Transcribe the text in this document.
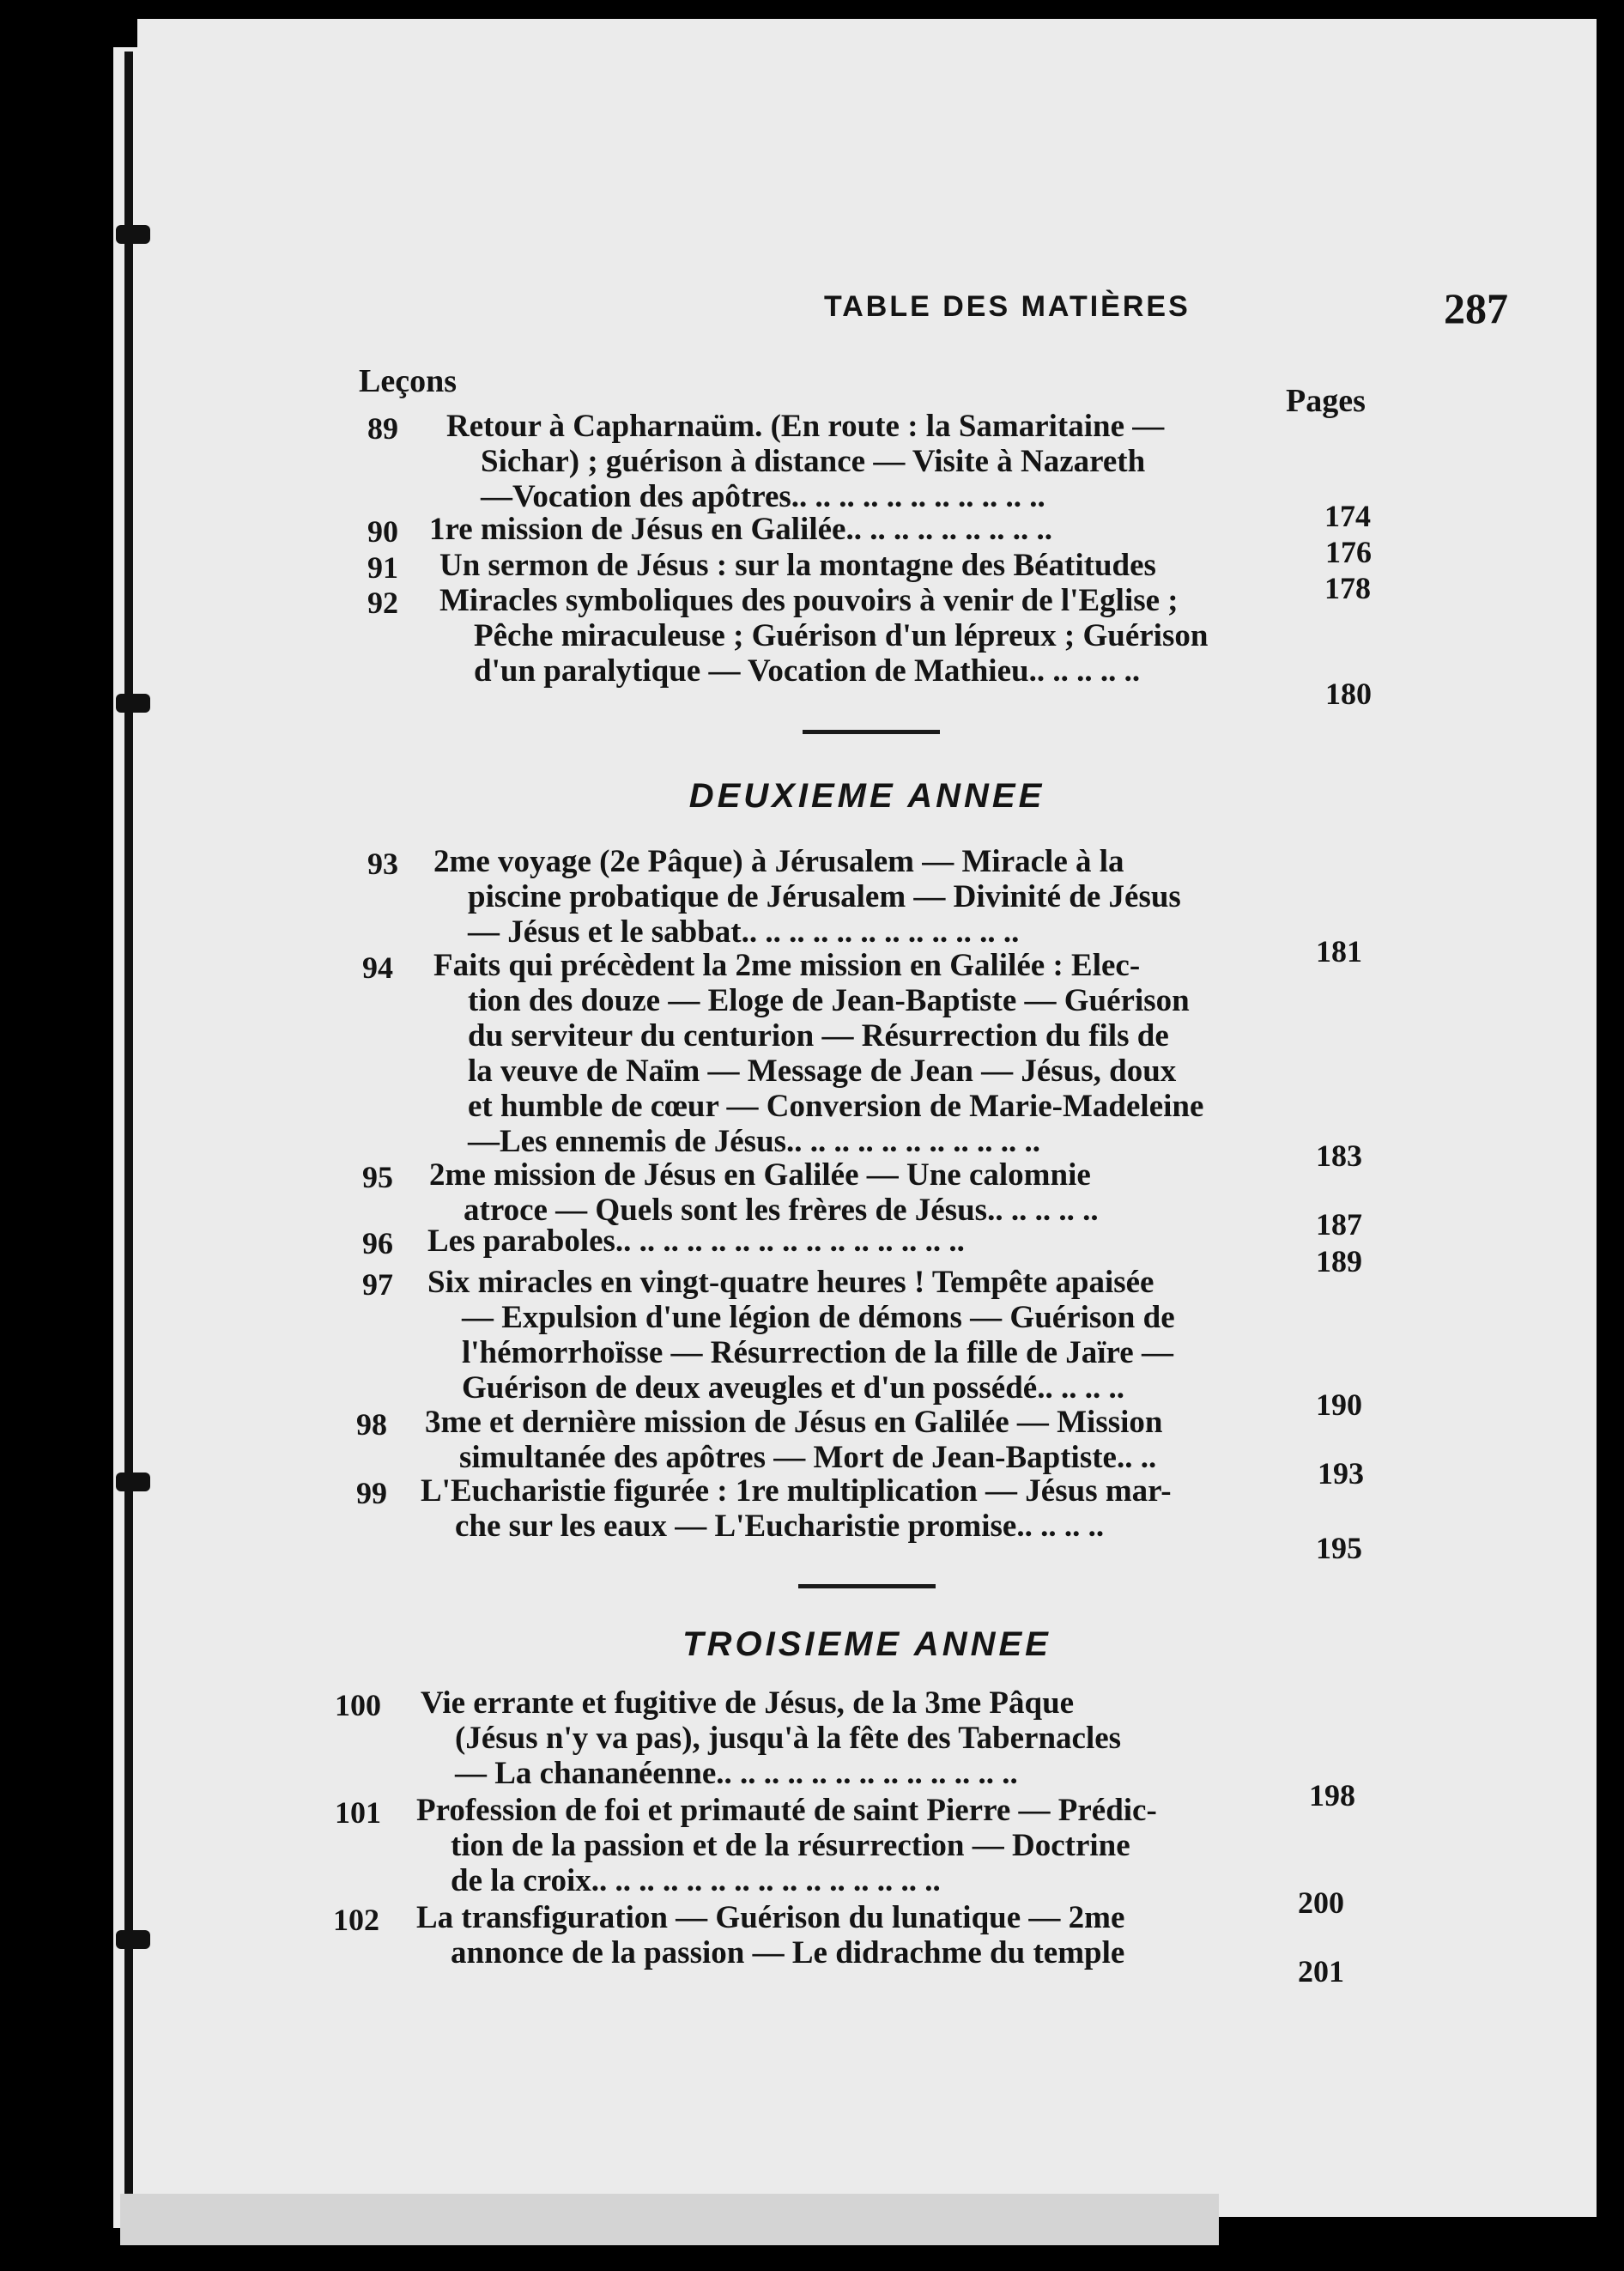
TABLE DES MATIÈRES	287
Leçons
Pages
89 Retour à Capharnaüm. (En route : la Samaritaine —
Sichar) ; guérison à distance — Visite à Nazareth
—Vocation des apôtres.. .. .. .. .. .. .. .. .. .. ..
174
90 1re mission de Jésus en Galilée.. .. .. .. .. .. .. .. ..
176
91 Un sermon de Jésus : sur la montagne des Béatitudes
178
92 Miracles symboliques des pouvoirs à venir de l'Eglise ;
Pêche miraculeuse ; Guérison d'un lépreux ; Guérison
d'un paralytique — Vocation de Mathieu.. .. .. .. ..
180
93 2me voyage (2e Pâque) à Jérusalem — Miracle à la
piscine probatique de Jérusalem — Divinité de Jésus
— Jésus et le sabbat.. .. .. .. .. .. .. .. .. .. .. ..
181
94 Faits qui précèdent la 2me mission en Galilée : Elec-
tion des douze — Eloge de Jean-Baptiste — Guérison
du serviteur du centurion — Résurrection du fils de
la veuve de Naïm — Message de Jean — Jésus, doux
et humble de cœur — Conversion de Marie-Madeleine
—Les ennemis de Jésus.. .. .. .. .. .. .. .. .. .. ..	183
95 2me mission de Jésus en Galilée — Une calomnie
atroce — Quels sont les frères de Jésus.. .. .. .. ..	187
96 Les paraboles.. .. .. .. .. .. .. .. .. .. .. .. .. .. ..
189
97 Six miracles en vingt-quatre heures ! Tempête apaisée
— Expulsion d'une légion de démons — Guérison de
l'hémorrhoïsse — Résurrection de la fille de Jaïre —
Guérison de deux aveugles et d'un possédé.. .. .. ..	190
98 3me et dernière mission de Jésus en Galilée — Mission
simultanée des apôtres — Mort de Jean-Baptiste.. ..	193
99 L'Eucharistie figurée : 1re multiplication — Jésus mar-
che sur les eaux — L'Eucharistie promise.. .. .. ..
195
100 Vie errante et fugitive de Jésus, de la 3me Pâque
(Jésus n'y va pas), jusqu'à la fête des Tabernacles
— La chananéenne.. .. .. .. .. .. .. .. .. .. .. .. ..
198
101 Profession de foi et primauté de saint Pierre — Prédic-
tion de la passion et de la résurrection — Doctrine
de la croix.. .. .. .. .. .. .. .. .. .. .. .. .. .. ..
200
102 La transfiguration — Guérison du lunatique — 2me
annonce de la passion — Le didrachme du temple
201
DEUXIEME ANNEE
TROISIEME ANNEE
